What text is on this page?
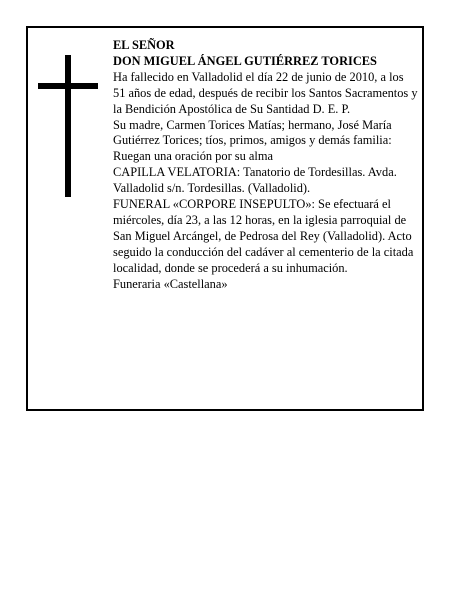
EL SEÑOR

DON MIGUEL ÁNGEL GUTIÉRREZ TORICES

Ha fallecido en Valladolid el día 22 de junio de 2010, a los 51 años de edad, después de recibir los Santos Sacramentos y la Bendición Apostólica de Su Santidad D. E. P.

Su madre, Carmen Torices Matías; hermano, José María Gutiérrez Torices; tíos, primos, amigos y demás familia:

Ruegan una oración por su alma

CAPILLA VELATORIA: Tanatorio de Tordesillas. Avda. Valladolid s/n. Tordesillas. (Valladolid).

FUNERAL «CORPORE INSEPULTO»: Se efectuará el miércoles, día 23, a las 12 horas, en la iglesia parroquial de San Miguel Arcángel, de Pedrosa del Rey (Valladolid). Acto seguido la conducción del cadáver al cementerio de la citada localidad, donde se procederá a su inhumación.

Funeraria «Castellana»
